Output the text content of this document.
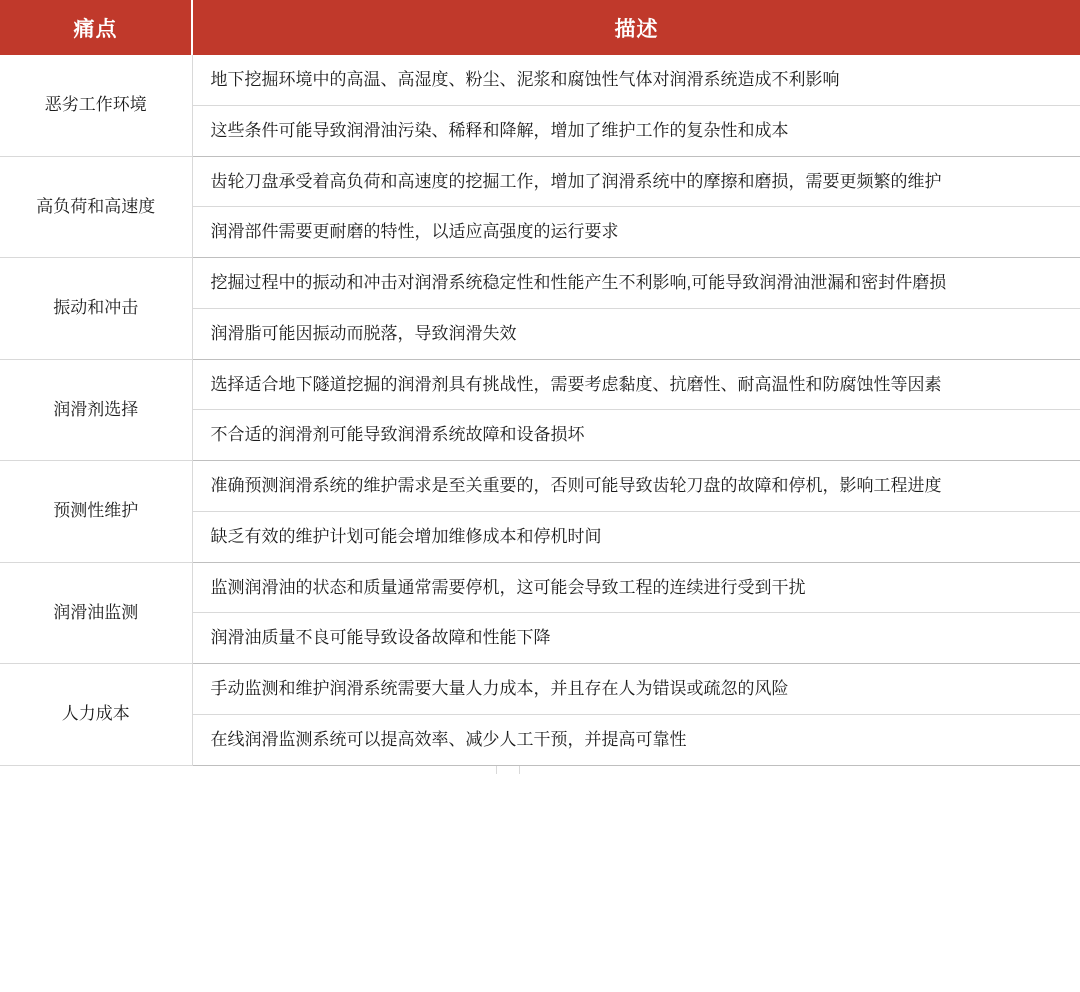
痛点	描述
恶劣工作环境	地下挖掘环境中的高温、高湿度、粉尘、泥浆和腐蚀性气体对润滑系统造成不利影响
	这些条件可能导致润滑油污染、稀释和降解，增加了维护工作的复杂性和成本
高负荷和高速度	齿轮刀盘承受着高负荷和高速度的挖掘工作，增加了润滑系统中的摩擦和磨损，需要更频繁的维护
	润滑部件需要更耐磨的特性，以适应高强度的运行要求
振动和冲击	挖掘过程中的振动和冲击对润滑系统稳定性和性能产生不利影响,可能导致润滑油泄漏和密封件磨损
	润滑脂可能因振动而脱落，导致润滑失效
润滑剂选择	选择适合地下隧道挖掘的润滑剂具有挑战性，需要考虑黏度、抗磨性、耐高温性和防腐蚀性等因素
	不合适的润滑剂可能导致润滑系统故障和设备损坏
预测性维护	准确预测润滑系统的维护需求是至关重要的，否则可能导致齿轮刀盘的故障和停机，影响工程进度
	缺乏有效的维护计划可能会增加维修成本和停机时间
润滑油监测	监测润滑油的状态和质量通常需要停机，这可能会导致工程的连续进行受到干扰
	润滑油质量不良可能导致设备故障和性能下降
人力成本	手动监测和维护润滑系统需要大量人力成本，并且存在人为错误或疏忽的风险
	在线润滑监测系统可以提高效率、减少人工干预，并提高可靠性
